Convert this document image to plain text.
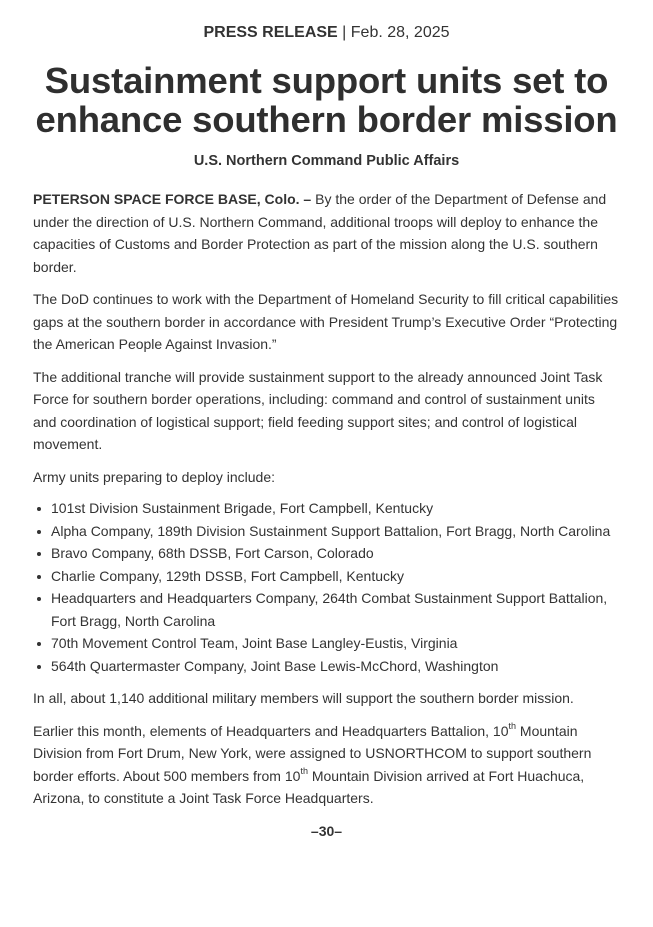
PRESS RELEASE | Feb. 28, 2025
Sustainment support units set to enhance southern border mission
U.S. Northern Command Public Affairs

PETERSON SPACE FORCE BASE, Colo. – By the order of the Department of Defense and under the direction of U.S. Northern Command, additional troops will deploy to enhance the capacities of Customs and Border Protection as part of the mission along the U.S. southern border.

The DoD continues to work with the Department of Homeland Security to fill critical capabilities gaps at the southern border in accordance with President Trump’s Executive Order “Protecting the American People Against Invasion.”

The additional tranche will provide sustainment support to the already announced Joint Task Force for southern border operations, including: command and control of sustainment units and coordination of logistical support; field feeding support sites; and control of logistical movement.

Army units preparing to deploy include:

101st Division Sustainment Brigade, Fort Campbell, Kentucky
Alpha Company, 189th Division Sustainment Support Battalion, Fort Bragg, North Carolina
Bravo Company, 68th DSSB, Fort Carson, Colorado
Charlie Company, 129th DSSB, Fort Campbell, Kentucky
Headquarters and Headquarters Company, 264th Combat Sustainment Support Battalion, Fort Bragg, North Carolina
70th Movement Control Team, Joint Base Langley-Eustis, Virginia
564th Quartermaster Company, Joint Base Lewis-McChord, Washington

In all, about 1,140 additional military members will support the southern border mission.

Earlier this month, elements of Headquarters and Headquarters Battalion, 10th Mountain Division from Fort Drum, New York, were assigned to USNORTHCOM to support southern border efforts. About 500 members from 10th Mountain Division arrived at Fort Huachuca, Arizona, to constitute a Joint Task Force Headquarters.

–30–
